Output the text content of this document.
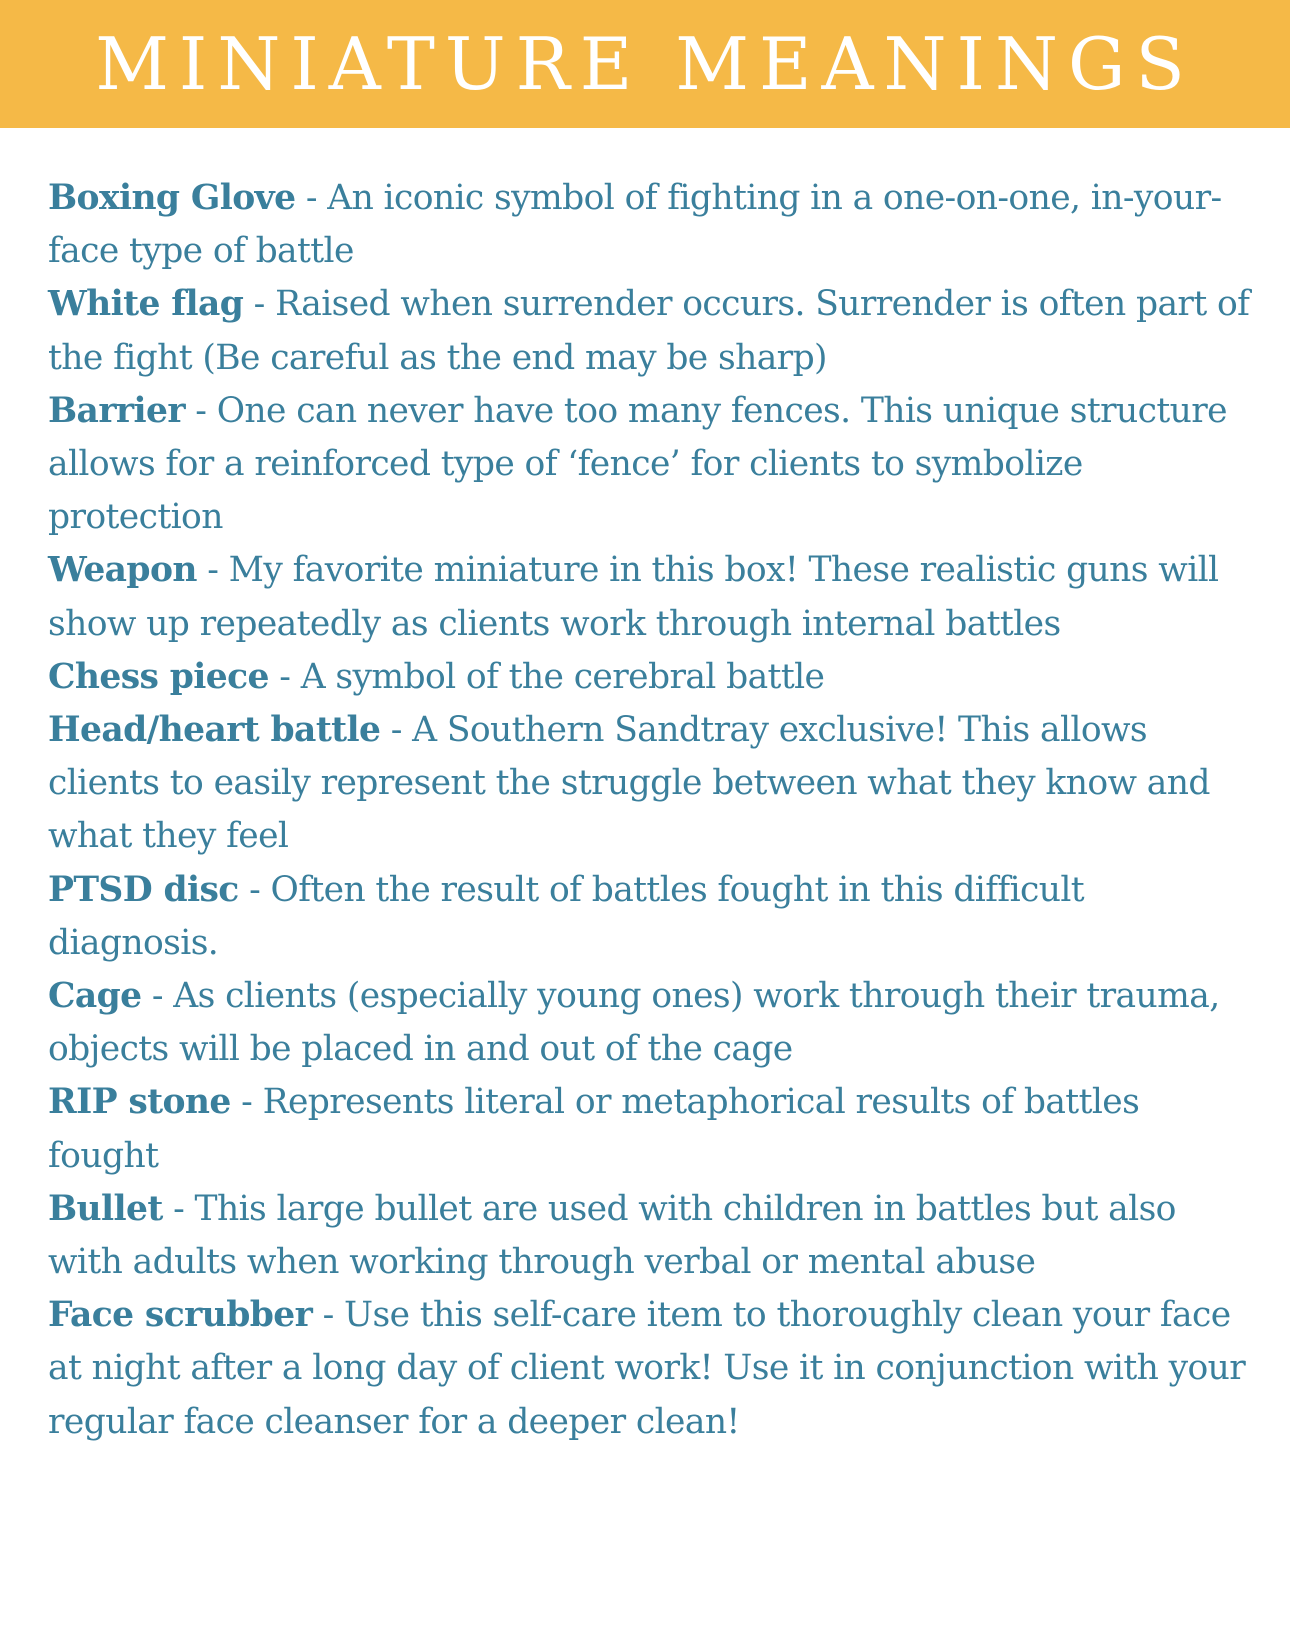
MINIATURE MEANINGS

Boxing Glove - An iconic symbol of fighting in a one-on-one, in-your-face type of battle

White flag - Raised when surrender occurs. Surrender is often part of the fight (Be careful as the end may be sharp)

Barrier - One can never have too many fences. This unique structure allows for a reinforced type of ‘fence’ for clients to symbolize protection

Weapon - My favorite miniature in this box! These realistic guns will show up repeatedly as clients work through internal battles

Chess piece - A symbol of the cerebral battle

Head/heart battle - A Southern Sandtray exclusive! This allows clients to easily represent the struggle between what they know and what they feel

PTSD disc - Often the result of battles fought in this difficult diagnosis.

Cage - As clients (especially young ones) work through their trauma, objects will be placed in and out of the cage

RIP stone - Represents literal or metaphorical results of battles fought

Bullet - This large bullet are used with children in battles but also with adults when working through verbal or mental abuse

Face scrubber - Use this self-care item to thoroughly clean your face at night after a long day of client work! Use it in conjunction with your regular face cleanser for a deeper clean!
